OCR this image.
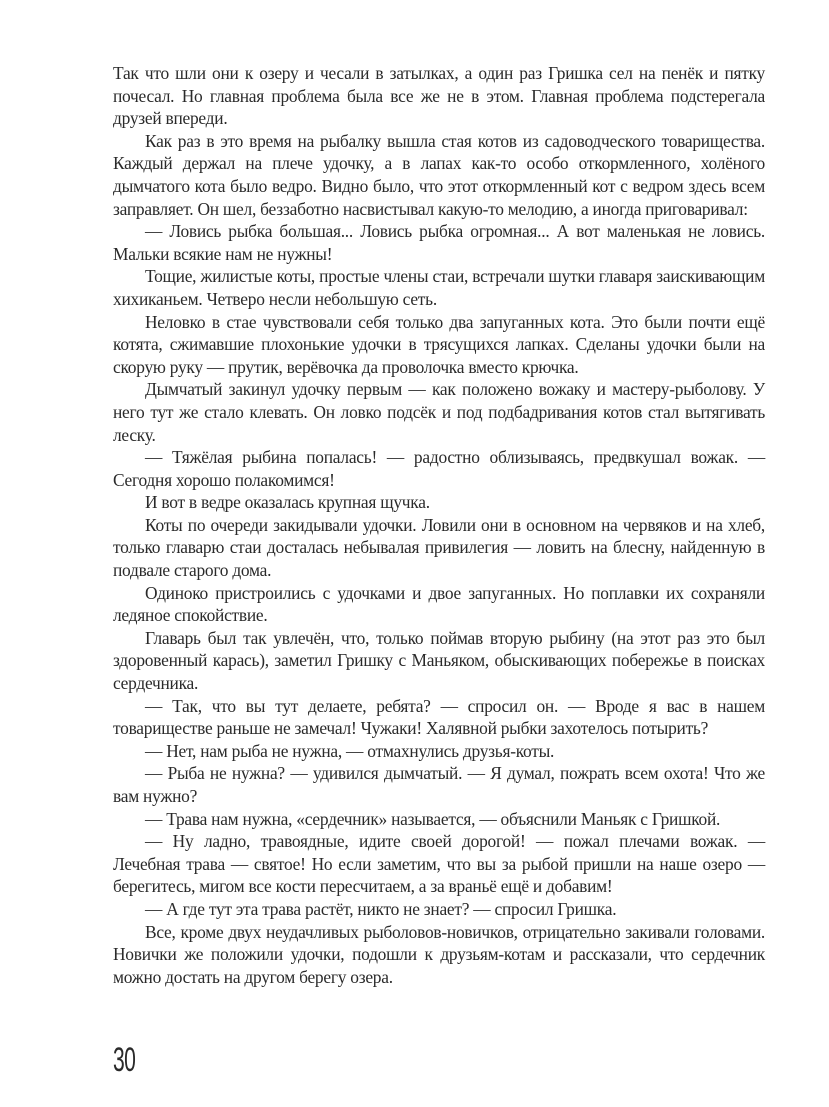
Так что шли они к озеру и чесали в затылках, а один раз Гришка сел на пенёк и пятку почесал. Но главная проблема была все же не в этом. Главная проблема подстерегала друзей впереди.

Как раз в это время на рыбалку вышла стая котов из садоводческого товарищества. Каждый держал на плече удочку, а в лапах как-то особо откормленного, холёного дымчатого кота было ведро. Видно было, что этот откормленный кот с ведром здесь всем заправляет. Он шел, беззаботно насвистывал какую-то мелодию, а иногда приговаривал:

— Ловись рыбка большая... Ловись рыбка огромная... А вот маленькая не ловись. Мальки всякие нам не нужны!

Тощие, жилистые коты, простые члены стаи, встречали шутки главаря заискивающим хихиканьем. Четверо несли небольшую сеть.

Неловко в стае чувствовали себя только два запуганных кота. Это были почти ещё котята, сжимавшие плохонькие удочки в трясущихся лапках. Сделаны удочки были на скорую руку — прутик, верёвочка да проволочка вместо крючка.

Дымчатый закинул удочку первым — как положено вожаку и мастеру-рыболову. У него тут же стало клевать. Он ловко подсёк и под подбадривания котов стал вытягивать леску.

— Тяжёлая рыбина попалась! — радостно облизываясь, предвкушал вожак. — Сегодня хорошо полакомимся!

И вот в ведре оказалась крупная щучка.

Коты по очереди закидывали удочки. Ловили они в основном на червяков и на хлеб, только главарю стаи досталась небывалая привилегия — ловить на блесну, найденную в подвале старого дома.

Одиноко пристроились с удочками и двое запуганных. Но поплавки их сохраняли ледяное спокойствие.

Главарь был так увлечён, что, только поймав вторую рыбину (на этот раз это был здоровенный карась), заметил Гришку с Маньяком, обыскивающих побережье в поисках сердечника.

— Так, что вы тут делаете, ребята? — спросил он. — Вроде я вас в нашем товариществе раньше не замечал! Чужаки! Халявной рыбки захотелось потырить?

— Нет, нам рыба не нужна, — отмахнулись друзья-коты.

— Рыба не нужна? — удивился дымчатый. — Я думал, пожрать всем охота! Что же вам нужно?

— Трава нам нужна, «сердечник» называется, — объяснили Маньяк с Гришкой.

— Ну ладно, травоядные, идите своей дорогой! — пожал плечами вожак. — Лечебная трава — святое! Но если заметим, что вы за рыбой пришли на наше озеро — берегитесь, мигом все кости пересчитаем, а за враньё ещё и добавим!

— А где тут эта трава растёт, никто не знает? — спросил Гришка.

Все, кроме двух неудачливых рыболовов-новичков, отрицательно закивали головами. Новички же положили удочки, подошли к друзьям-котам и рассказали, что сердечник можно достать на другом берегу озера.

30
